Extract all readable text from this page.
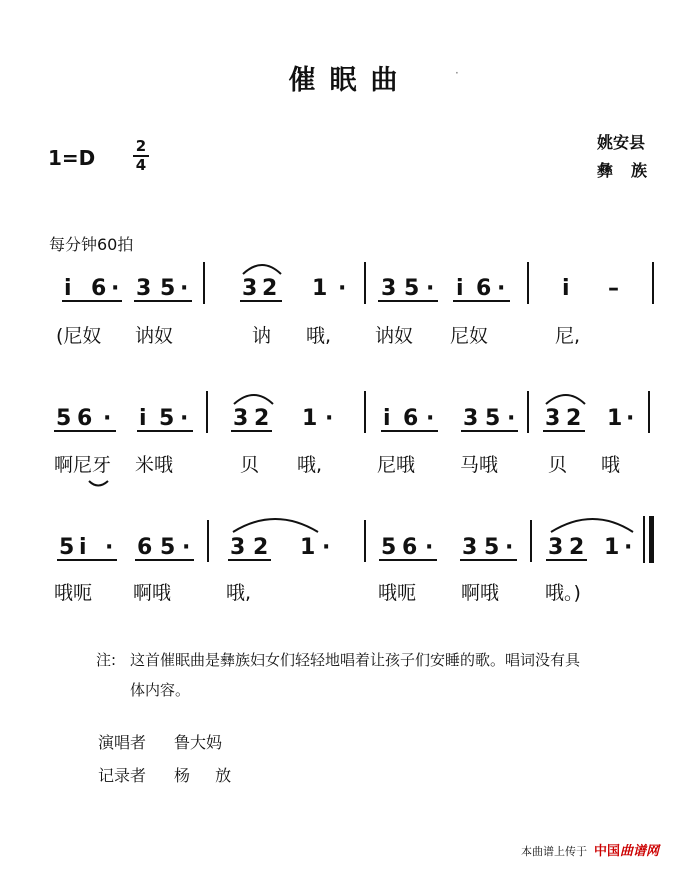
催眠曲	·
1=D	2
4
姚安县
彝族
每分钟60拍
i 6 · 3 5 · 3 2 1 · 3 5 · i 6 ·	i –
(尼奴 讷奴	讷 哦, 讷奴 尼奴	尼,
5 6 · i 5 · 3 2 1 · i 6 · 3 5 · 3 2 1 ·
啊尼牙 米哦	贝 哦,	尼哦 马哦	贝 哦
5 i · 6 5 · 3 2 1 · 5 6 · 3 5 · 3 2 1 ·
哦呃 啊哦	哦,	哦呃 啊哦 哦。)
注: 这首催眠曲是彝族妇女们轻轻地唱着让孩子们安睡的歌。唱词没有具
体内容。
演唱者 鲁大妈
记录者 杨 放
本曲谱上传于 中国曲谱网
